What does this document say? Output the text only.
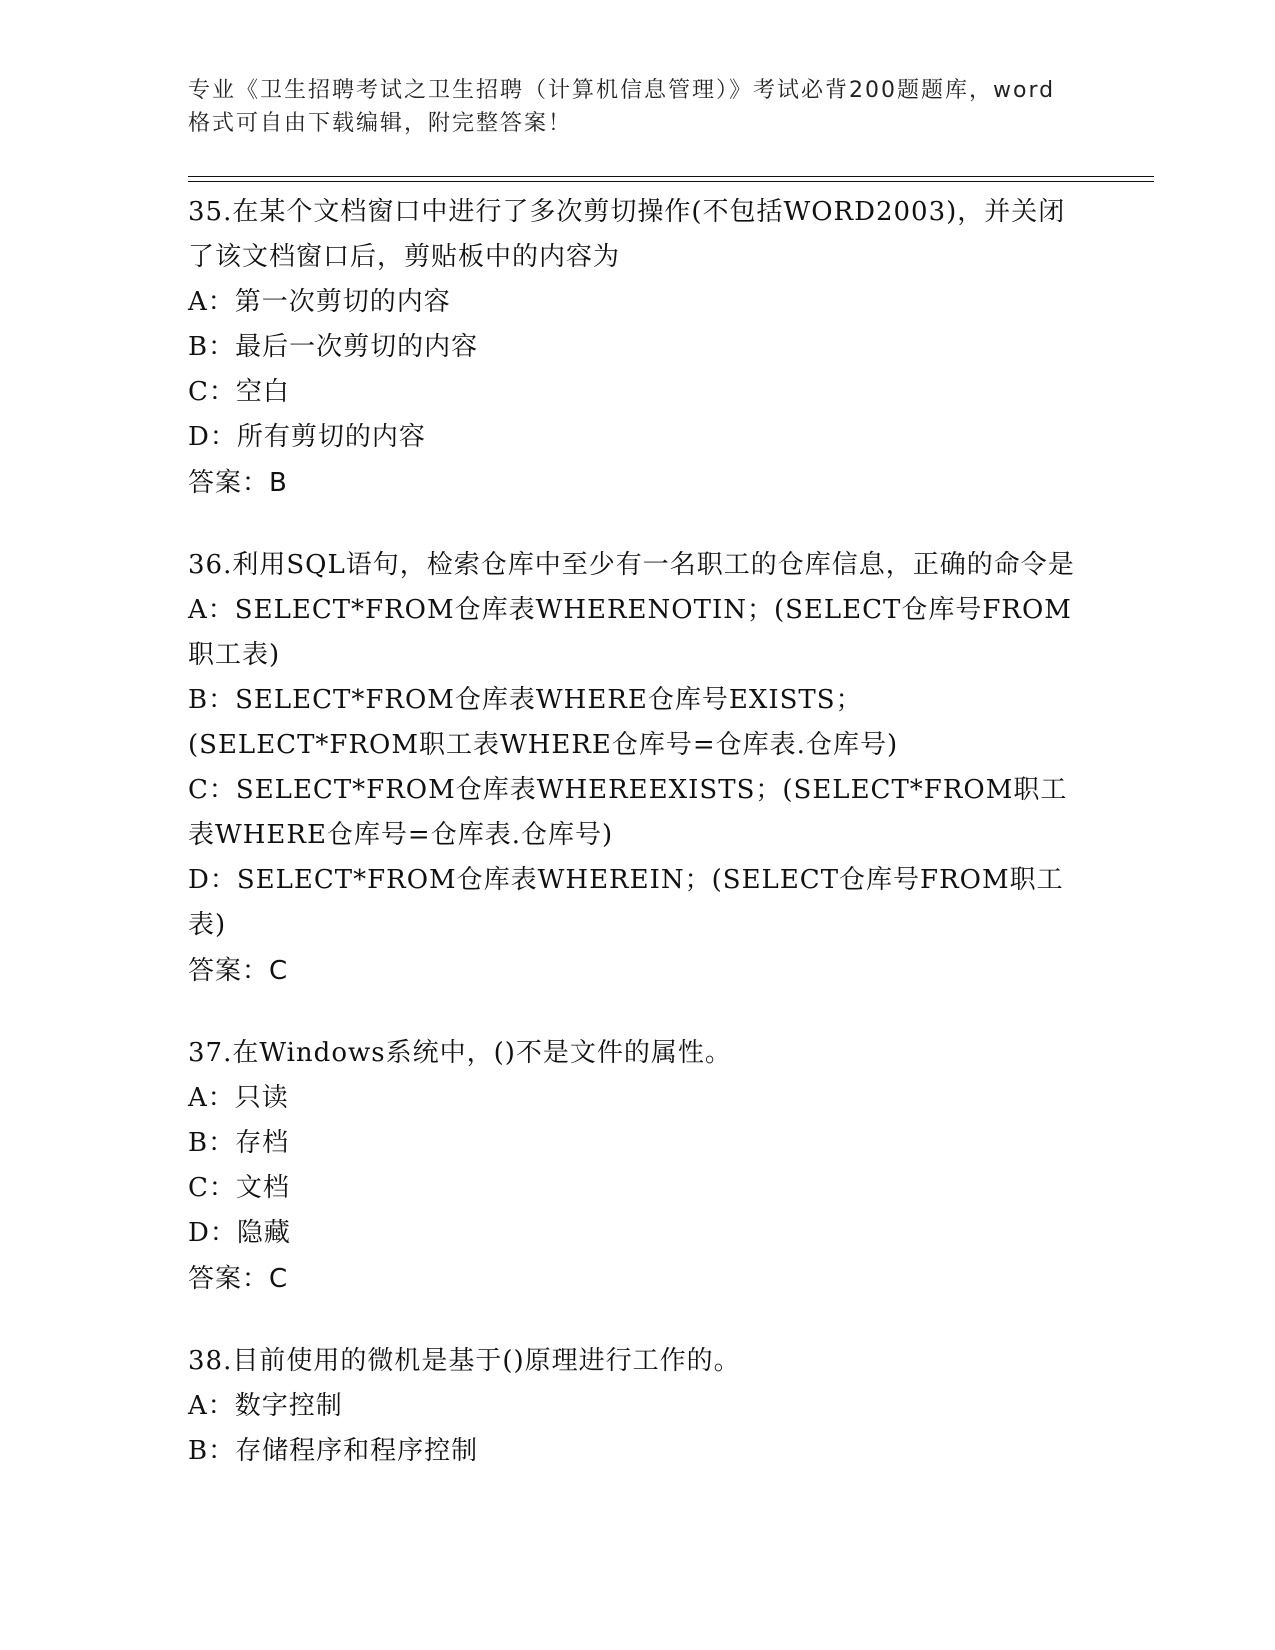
专业《卫生招聘考试之卫生招聘（计算机信息管理）》考试必背200题题库，word
格式可自由下载编辑，附完整答案！
35.在某个文档窗口中进行了多次剪切操作(不包括WORD2003)，并关闭了该文档窗口后，剪贴板中的内容为
A：第一次剪切的内容
B：最后一次剪切的内容
C：空白
D：所有剪切的内容
答案：B
36.利用SQL语句，检索仓库中至少有一名职工的仓库信息，正确的命令是
A：SELECT*FROM仓库表WHERENOTIN；(SELECT仓库号FROM职工表)
B：SELECT*FROM仓库表WHERE仓库号EXISTS；(SELECT*FROM职工表WHERE仓库号=仓库表.仓库号)
C：SELECT*FROM仓库表WHEREEXISTS；(SELECT*FROM职工表WHERE仓库号=仓库表.仓库号)
D：SELECT*FROM仓库表WHEREIN；(SELECT仓库号FROM职工表)
答案：C
37.在Windows系统中，()不是文件的属性。
A：只读
B：存档
C：文档
D：隐藏
答案：C
38.目前使用的微机是基于()原理进行工作的。
A：数字控制
B：存储程序和程序控制
